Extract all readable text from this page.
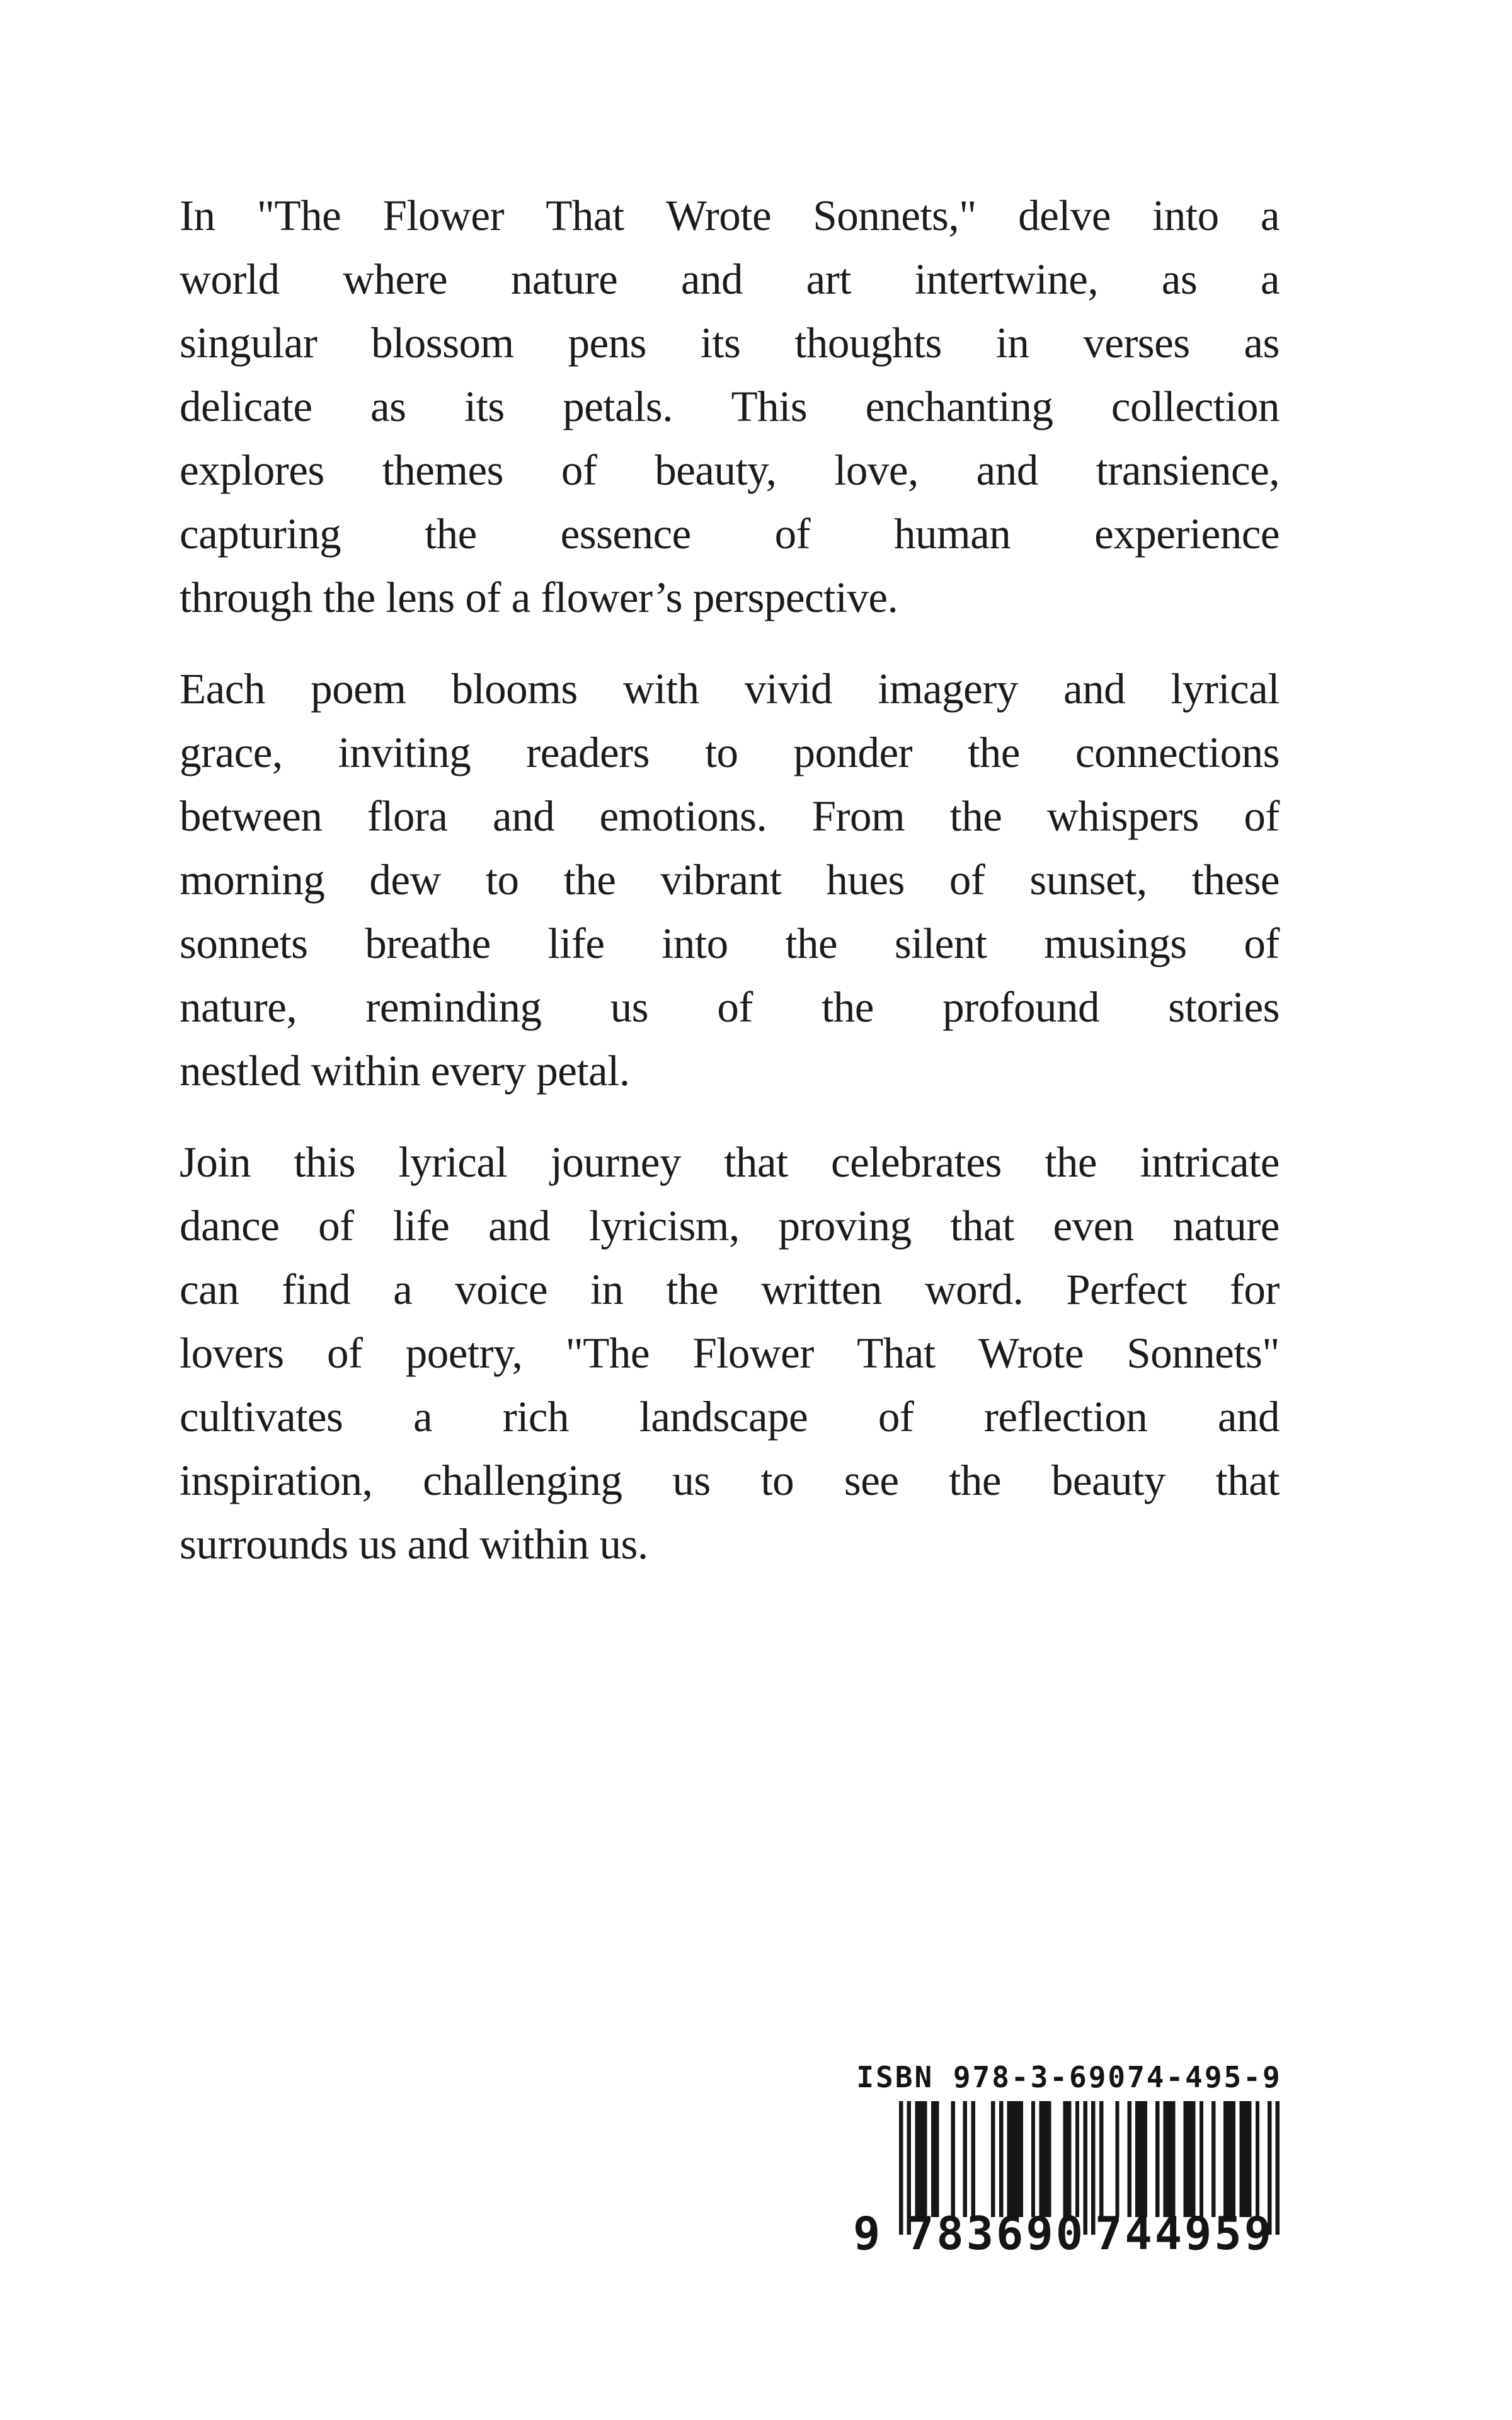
In "The Flower That Wrote Sonnets," delve into a
world where nature and art intertwine, as a
singular blossom pens its thoughts in verses as
delicate as its petals. This enchanting collection
explores themes of beauty, love, and transience,
capturing the essence of human experience
through the lens of a flower’s perspective.
Each poem blooms with vivid imagery and lyrical
grace, inviting readers to ponder the connections
between flora and emotions. From the whispers of
morning dew to the vibrant hues of sunset, these
sonnets breathe life into the silent musings of
nature, reminding us of the profound stories
nestled within every petal.
Join this lyrical journey that celebrates the intricate
dance of life and lyricism, proving that even nature
can find a voice in the written word. Perfect for
lovers of poetry, "The Flower That Wrote Sonnets"
cultivates a rich landscape of reflection and
inspiration, challenging us to see the beauty that
surrounds us and within us.
ISBN 978-3-69074-495-9
9 783690 744959
